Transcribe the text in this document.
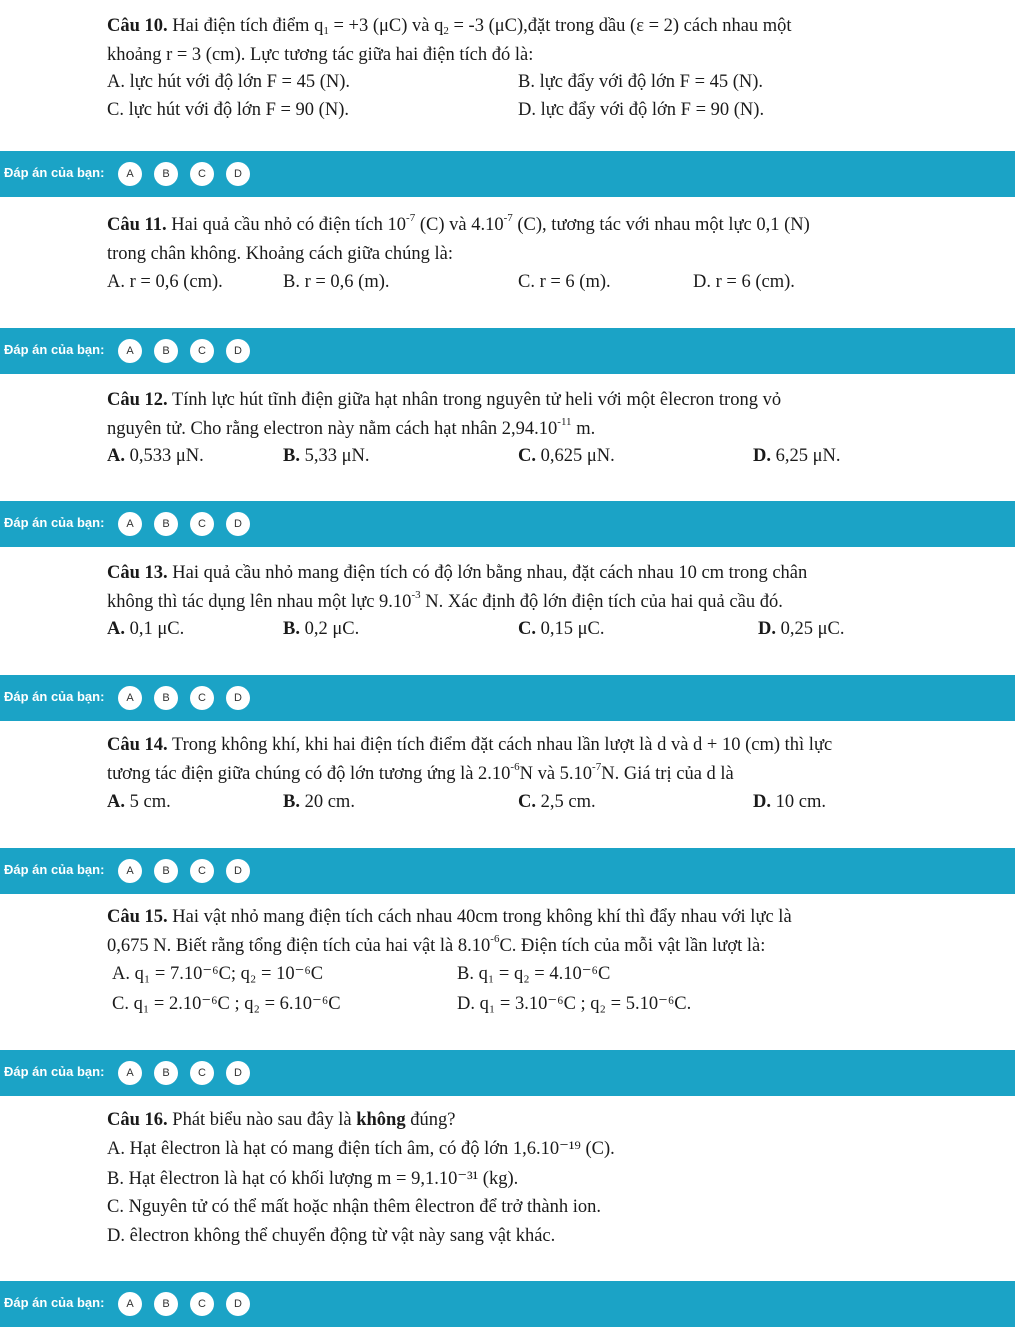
Câu 10. Hai điện tích điểm $q_1 = +3$ (μC) và $q_2 = -3$ (μC),đặt trong dầu (ε = 2) cách nhau một
khoảng r = 3 (cm). Lực tương tác giữa hai điện tích đó là:
A. lực hút với độ lớn F = 45 (N).	B. lực đẩy với độ lớn F = 45 (N).
C. lực hút với độ lớn F = 90 (N).	D. lực đẩy với độ lớn F = 90 (N).
Đáp án của bạn:	A	B	C	D
Câu 11. Hai quả cầu nhỏ có điện tích $10^{-7}$ (C) và $4.10^{-7}$ (C), tương tác với nhau một lực 0,1 (N)
trong chân không. Khoảng cách giữa chúng là:
A. r = 0,6 (cm).	B. r = 0,6 (m).	C. r = 6 (m).	D. r = 6 (cm).
Đáp án của bạn:	A	B	C	D
Câu 12. Tính lực hút tĩnh điện giữa hạt nhân trong nguyên tử heli với một êlecron trong vỏ
nguyên tử. Cho rằng electron này nằm cách hạt nhân $2,94.10^{-11}$ m.
A. 0,533 μN.	B. 5,33 μN.	C. 0,625 μN.	D. 6,25 μN.
Đáp án của bạn:	A	B	C	D
Câu 13. Hai quả cầu nhỏ mang điện tích có độ lớn bằng nhau, đặt cách nhau 10 cm trong chân
không thì tác dụng lên nhau một lực $9.10^{-3}$ N. Xác định độ lớn điện tích của hai quả cầu đó.
A. 0,1 μC.	B. 0,2 μC.	C. 0,15 μC.	D. 0,25 μC.
Đáp án của bạn:	A	B	C	D
Câu 14. Trong không khí, khi hai điện tích điểm đặt cách nhau lần lượt là d và d + 10 (cm) thì lực
tương tác điện giữa chúng có độ lớn tương ứng là $2.10^{-6}N$ và $5.10^{-7}N$. Giá trị của d là
A. 5 cm.	B. 20 cm.	C. 2,5 cm.	D. 10 cm.
Đáp án của bạn:	A	B	C	D
Câu 15. Hai vật nhỏ mang điện tích cách nhau 40cm trong không khí thì đẩy nhau với lực là
0,675 N. Biết rằng tổng điện tích của hai vật là $8.10^{-6}C$. Điện tích của mỗi vật lần lượt là:
A. q₁ = 7.10⁻⁶C; q₂ = 10⁻⁶C	B. q₁ = q₂ = 4.10⁻⁶C
C. q₁ = 2.10⁻⁶C ; q₂ = 6.10⁻⁶C	D. q₁ = 3.10⁻⁶C ; q₂ = 5.10⁻⁶C.
Đáp án của bạn:	A	B	C	D
Câu 16. Phát biểu nào sau đây là không đúng?
A. Hạt êlectron là hạt có mang điện tích âm, có độ lớn 1,6.10⁻¹⁹ (C).
B. Hạt êlectron là hạt có khối lượng m = 9,1.10⁻³¹ (kg).
C. Nguyên tử có thể mất hoặc nhận thêm êlectron để trở thành ion.
D. êlectron không thể chuyển động từ vật này sang vật khác.
Đáp án của bạn:	A	B	C	D
